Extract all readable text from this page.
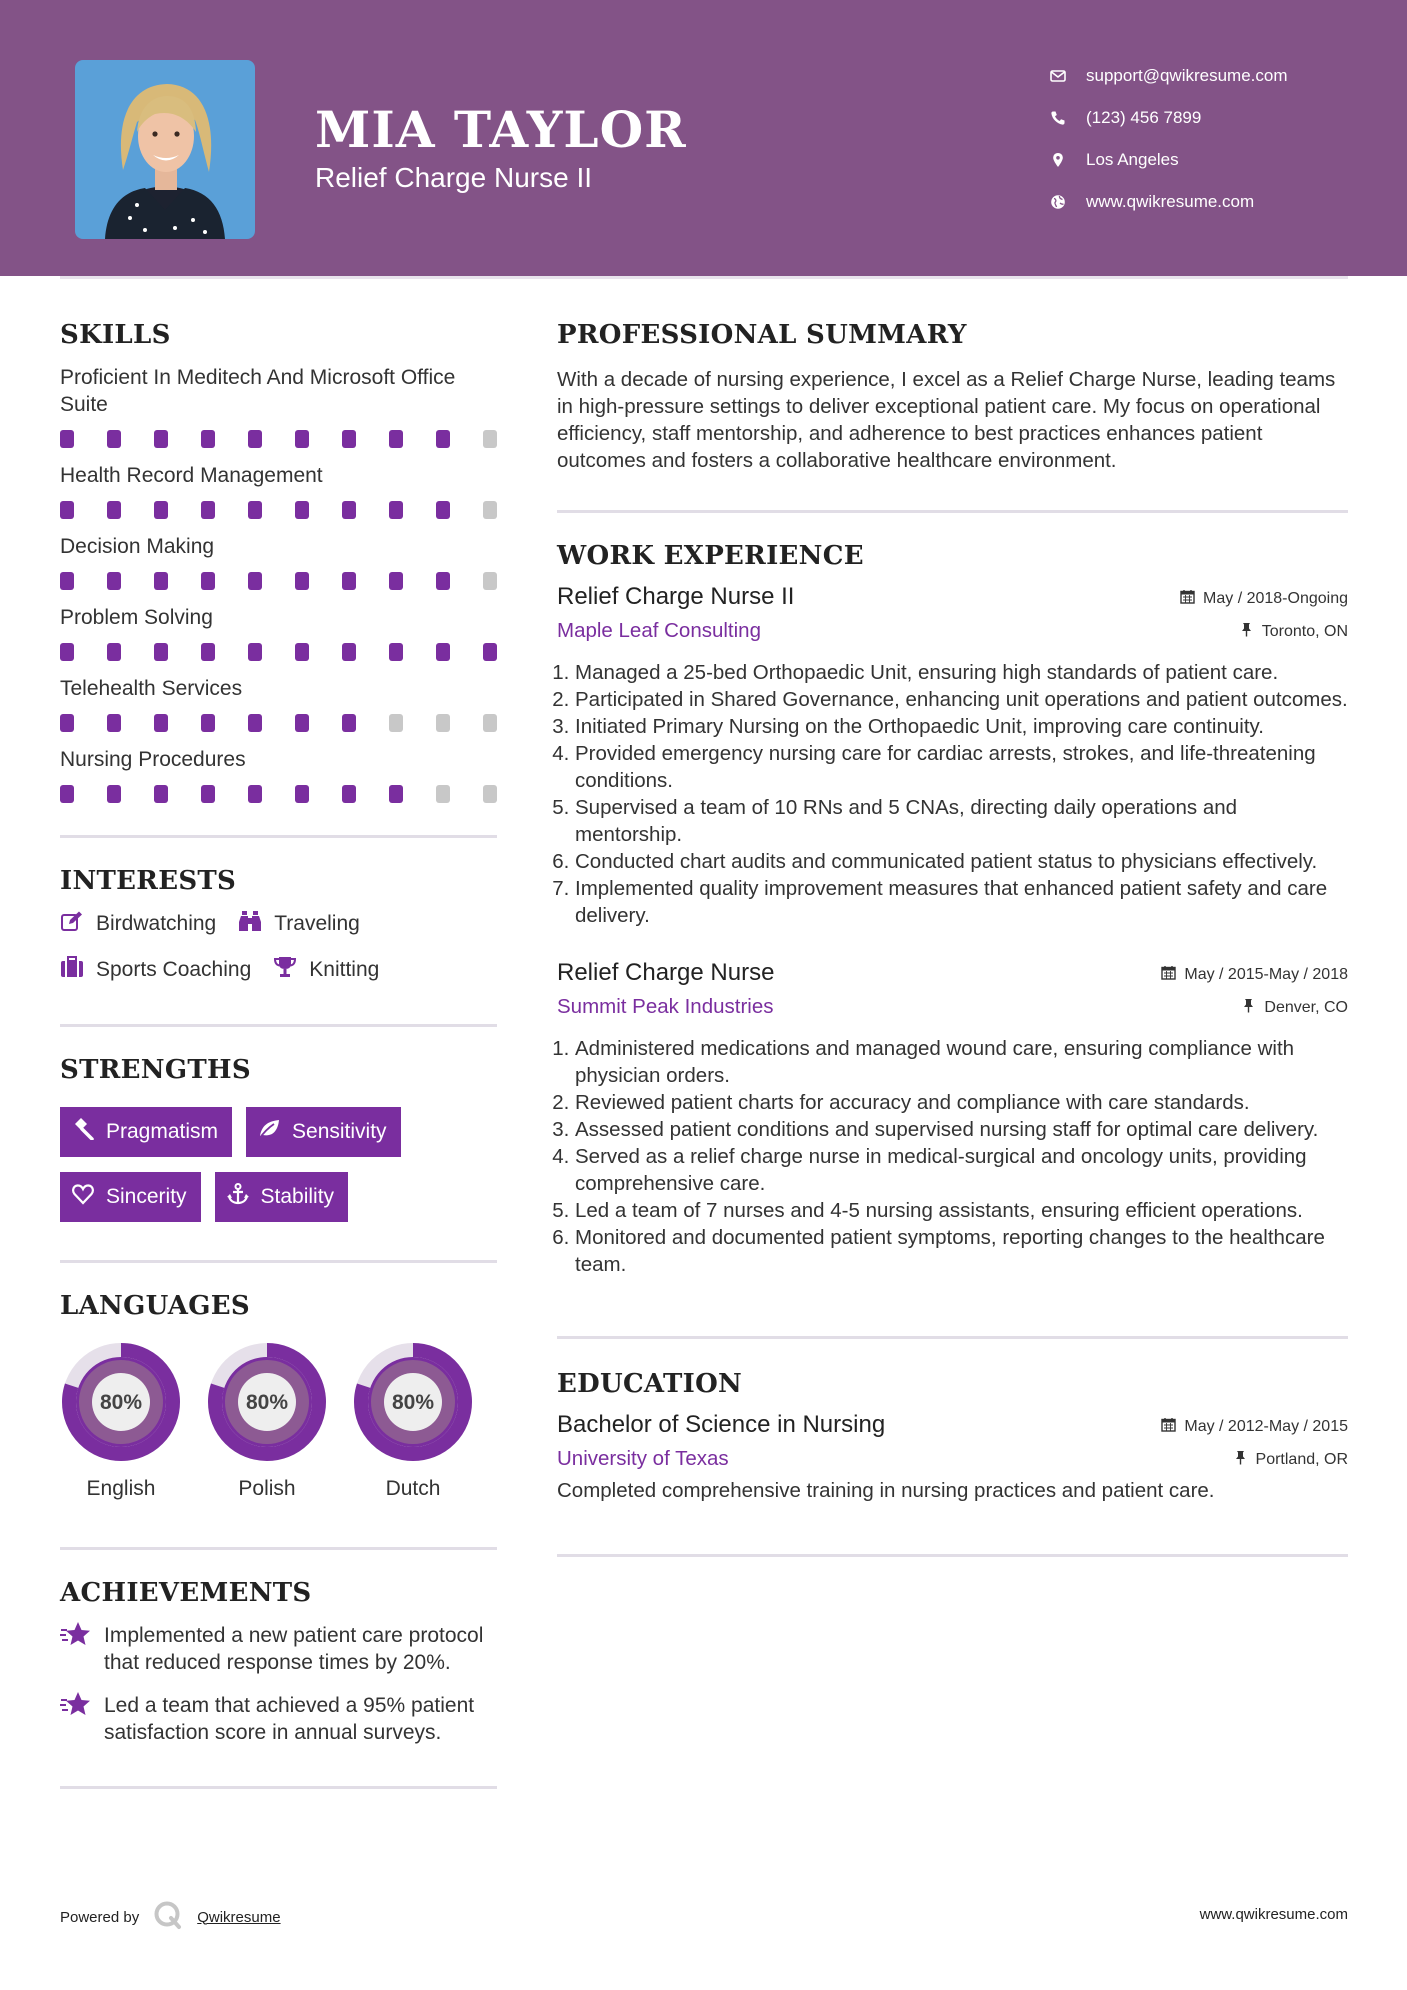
MIA TAYLOR
Relief Charge Nurse II
support@qwikresume.com
(123) 456 7899
Los Angeles
www.qwikresume.com
SKILLS
Proficient In Meditech And Microsoft Office Suite
Health Record Management
Decision Making
Problem Solving
Telehealth Services
Nursing Procedures
INTERESTS
Birdwatching	Traveling
Sports Coaching	Knitting
STRENGTHS
Pragmatism	Sensitivity
Sincerity	Stability
LANGUAGES
80%
English
80%
Polish
80%
Dutch
ACHIEVEMENTS
Implemented a new patient care protocol that reduced response times by 20%.
Led a team that achieved a 95% patient satisfaction score in annual surveys.
PROFESSIONAL SUMMARY

With a decade of nursing experience, I excel as a Relief Charge Nurse, leading teams in high-pressure settings to deliver exceptional patient care. My focus on operational efficiency, staff mentorship, and adherence to best practices enhances patient outcomes and fosters a collaborative healthcare environment.

WORK EXPERIENCE
Relief Charge Nurse II	May / 2018-Ongoing
Maple Leaf Consulting	Toronto, ON
1. Managed a 25-bed Orthopaedic Unit, ensuring high standards of patient care.
2. Participated in Shared Governance, enhancing unit operations and patient outcomes.
3. Initiated Primary Nursing on the Orthopaedic Unit, improving care continuity.
4. Provided emergency nursing care for cardiac arrests, strokes, and life-threatening conditions.
5. Supervised a team of 10 RNs and 5 CNAs, directing daily operations and mentorship.
6. Conducted chart audits and communicated patient status to physicians effectively.
7. Implemented quality improvement measures that enhanced patient safety and care delivery.
Relief Charge Nurse	May / 2015-May / 2018
Summit Peak Industries	Denver, CO
1. Administered medications and managed wound care, ensuring compliance with physician orders.
2. Reviewed patient charts for accuracy and compliance with care standards.
3. Assessed patient conditions and supervised nursing staff for optimal care delivery.
4. Served as a relief charge nurse in medical-surgical and oncology units, providing comprehensive care.
5. Led a team of 7 nurses and 4-5 nursing assistants, ensuring efficient operations.
6. Monitored and documented patient symptoms, reporting changes to the healthcare team.
EDUCATION
Bachelor of Science in Nursing	May / 2012-May / 2015
University of Texas	Portland, OR

Completed comprehensive training in nursing practices and patient care.

Powered by	Qwikresume	www.qwikresume.com
